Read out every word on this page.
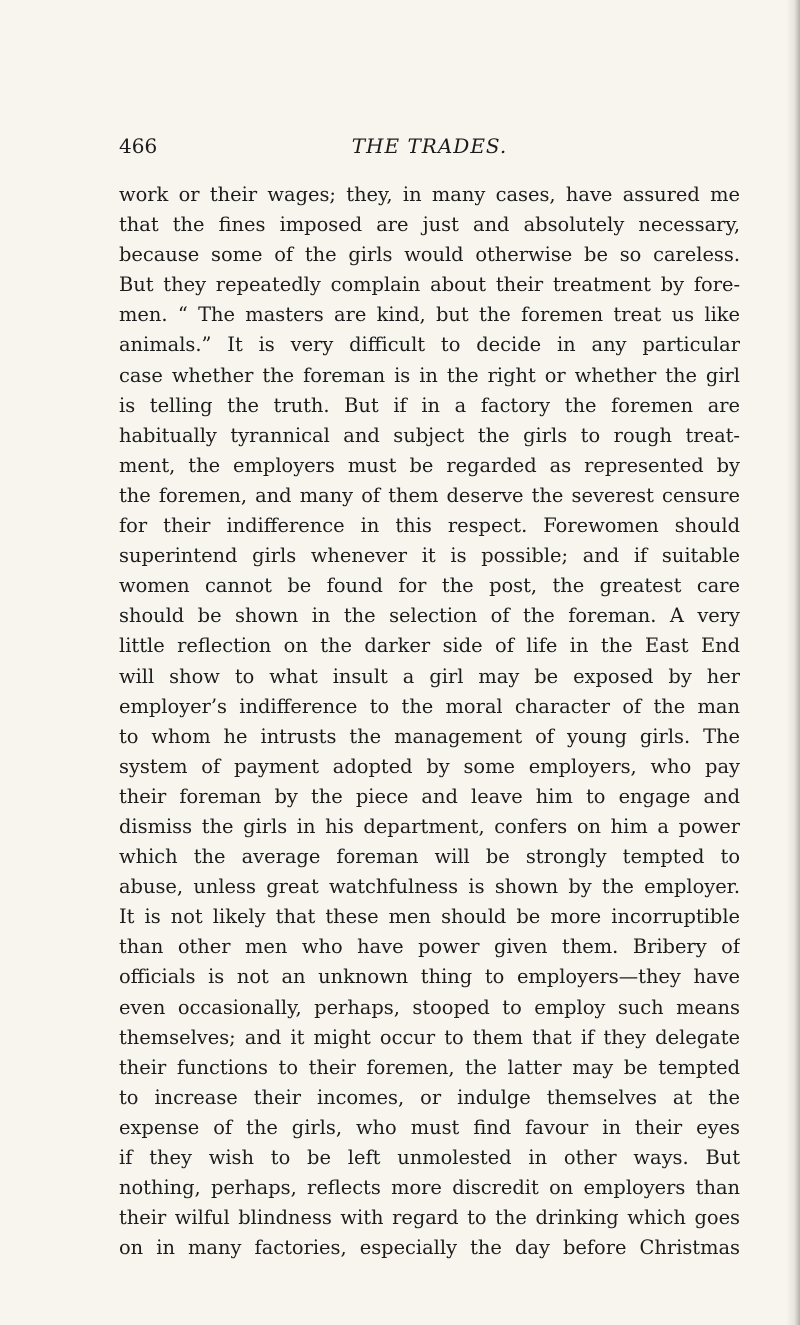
466	THE TRADES.
work or their wages; they, in many cases, have assured me
that the fines imposed are just and absolutely necessary,
because some of the girls would otherwise be so careless.
But they repeatedly complain about their treatment by fore-
men. “ The masters are kind, but the foremen treat us like
animals.” It is very difficult to decide in any particular
case whether the foreman is in the right or whether the girl
is telling the truth. But if in a factory the foremen are
habitually tyrannical and subject the girls to rough treat-
ment, the employers must be regarded as represented by
the foremen, and many of them deserve the severest censure
for their indifference in this respect. Forewomen should
superintend girls whenever it is possible; and if suitable
women cannot be found for the post, the greatest care
should be shown in the selection of the foreman. A very
little reflection on the darker side of life in the East End
will show to what insult a girl may be exposed by her
employer’s indifference to the moral character of the man
to whom he intrusts the management of young girls. The
system of payment adopted by some employers, who pay
their foreman by the piece and leave him to engage and
dismiss the girls in his department, confers on him a power
which the average foreman will be strongly tempted to
abuse, unless great watchfulness is shown by the employer.
It is not likely that these men should be more incorruptible
than other men who have power given them. Bribery of
officials is not an unknown thing to employers—they have
even occasionally, perhaps, stooped to employ such means
themselves; and it might occur to them that if they delegate
their functions to their foremen, the latter may be tempted
to increase their incomes, or indulge themselves at the
expense of the girls, who must find favour in their eyes
if they wish to be left unmolested in other ways. But
nothing, perhaps, reflects more discredit on employers than
their wilful blindness with regard to the drinking which goes
on in many factories, especially the day before Christmas
